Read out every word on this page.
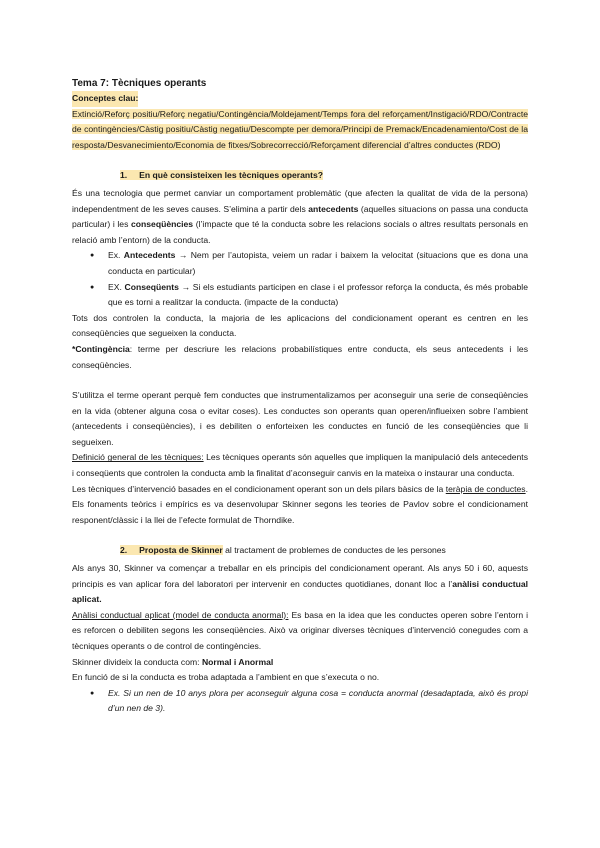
Tema 7: Tècniques operants
Conceptes clau:

Extinció/Reforç positiu/Reforç negatiu/Contingència/Moldejament/Temps fora del reforçament/Instigació/RDO/Contracte de contingències/Càstig positiu/Càstig negatiu/Descompte per demora/Principi de Premack/Encadenamiento/Cost de la resposta/Desvanecimiento/Economia de fitxes/Sobrecorrecció/Reforçament diferencial d’altres conductes (RDO)

1. En què consisteixen les tècniques operants?

És una tecnologia que permet canviar un comportament problemàtic (que afecten la qualitat de vida de la persona) independentment de les seves causes. S’elimina a partir dels antecedents (aquelles situacions on passa una conducta particular) i les conseqüències (l’impacte que té la conducta sobre les relacions socials o altres resultats personals en relació amb l’entorn) de la conducta.

● Ex. Antecedents → Nem per l’autopista, veiem un radar i baixem la velocitat (situacions que es dona una conducta en particular)
● EX. Conseqüents → Si els estudiants participen en clase i el professor reforça la conducta, és més probable que es torni a realitzar la conducta. (impacte de la conducta)

Tots dos controlen la conducta, la majoria de les aplicacions del condicionament operant es centren en les conseqüències que segueixen la conducta.

*Contingència: terme per descriure les relacions probabilístiques entre conducta, els seus antecedents i les conseqüències.

S’utilitza el terme operant perquè fem conductes que instrumentalizamos per aconseguir una serie de conseqüències en la vida (obtener alguna cosa o evitar coses). Les conductes son operants quan operen/influeixen sobre l’ambient (antecedents i conseqüències), i es debiliten o enforteixen les conductes en funció de les conseqüències que li segueixen.

Definició general de les tècniques: Les tècniques operants són aquelles que impliquen la manipulació dels antecedents i conseqüents que controlen la conducta amb la finalitat d’aconseguir canvis en la mateixa o instaurar una conducta.

Les tècniques d’intervenció basades en el condicionament operant son un dels pilars bàsics de la teràpia de conductes. Els fonaments teòrics i empírics es va desenvolupar Skinner segons les teories de Pavlov sobre el condicionament responent/clàssic i la llei de l’efecte formulat de Thorndike.

2. Proposta de Skinner al tractament de problemes de conductes de les persones

Als anys 30, Skinner va començar a treballar en els principis del condicionament operant. Als anys 50 i 60, aquests principis es van aplicar fora del laboratori per intervenir en conductes quotidianes, donant lloc a l’anàlisi conductual aplicat.

Anàlisi conductual aplicat (model de conducta anormal): Es basa en la idea que les conductes operen sobre l’entorn i es reforcen o debiliten segons les conseqüències. Això va originar diverses tècniques d’intervenció conegudes com a tècniques operants o de control de contingències.

Skinner divideix la conducta com: Normal i Anormal

En funció de si la conducta es troba adaptada a l’ambient en que s’executa o no.

● Ex. Si un nen de 10 anys plora per aconseguir alguna cosa = conducta anormal (desadaptada, això és propi d’un nen de 3).
